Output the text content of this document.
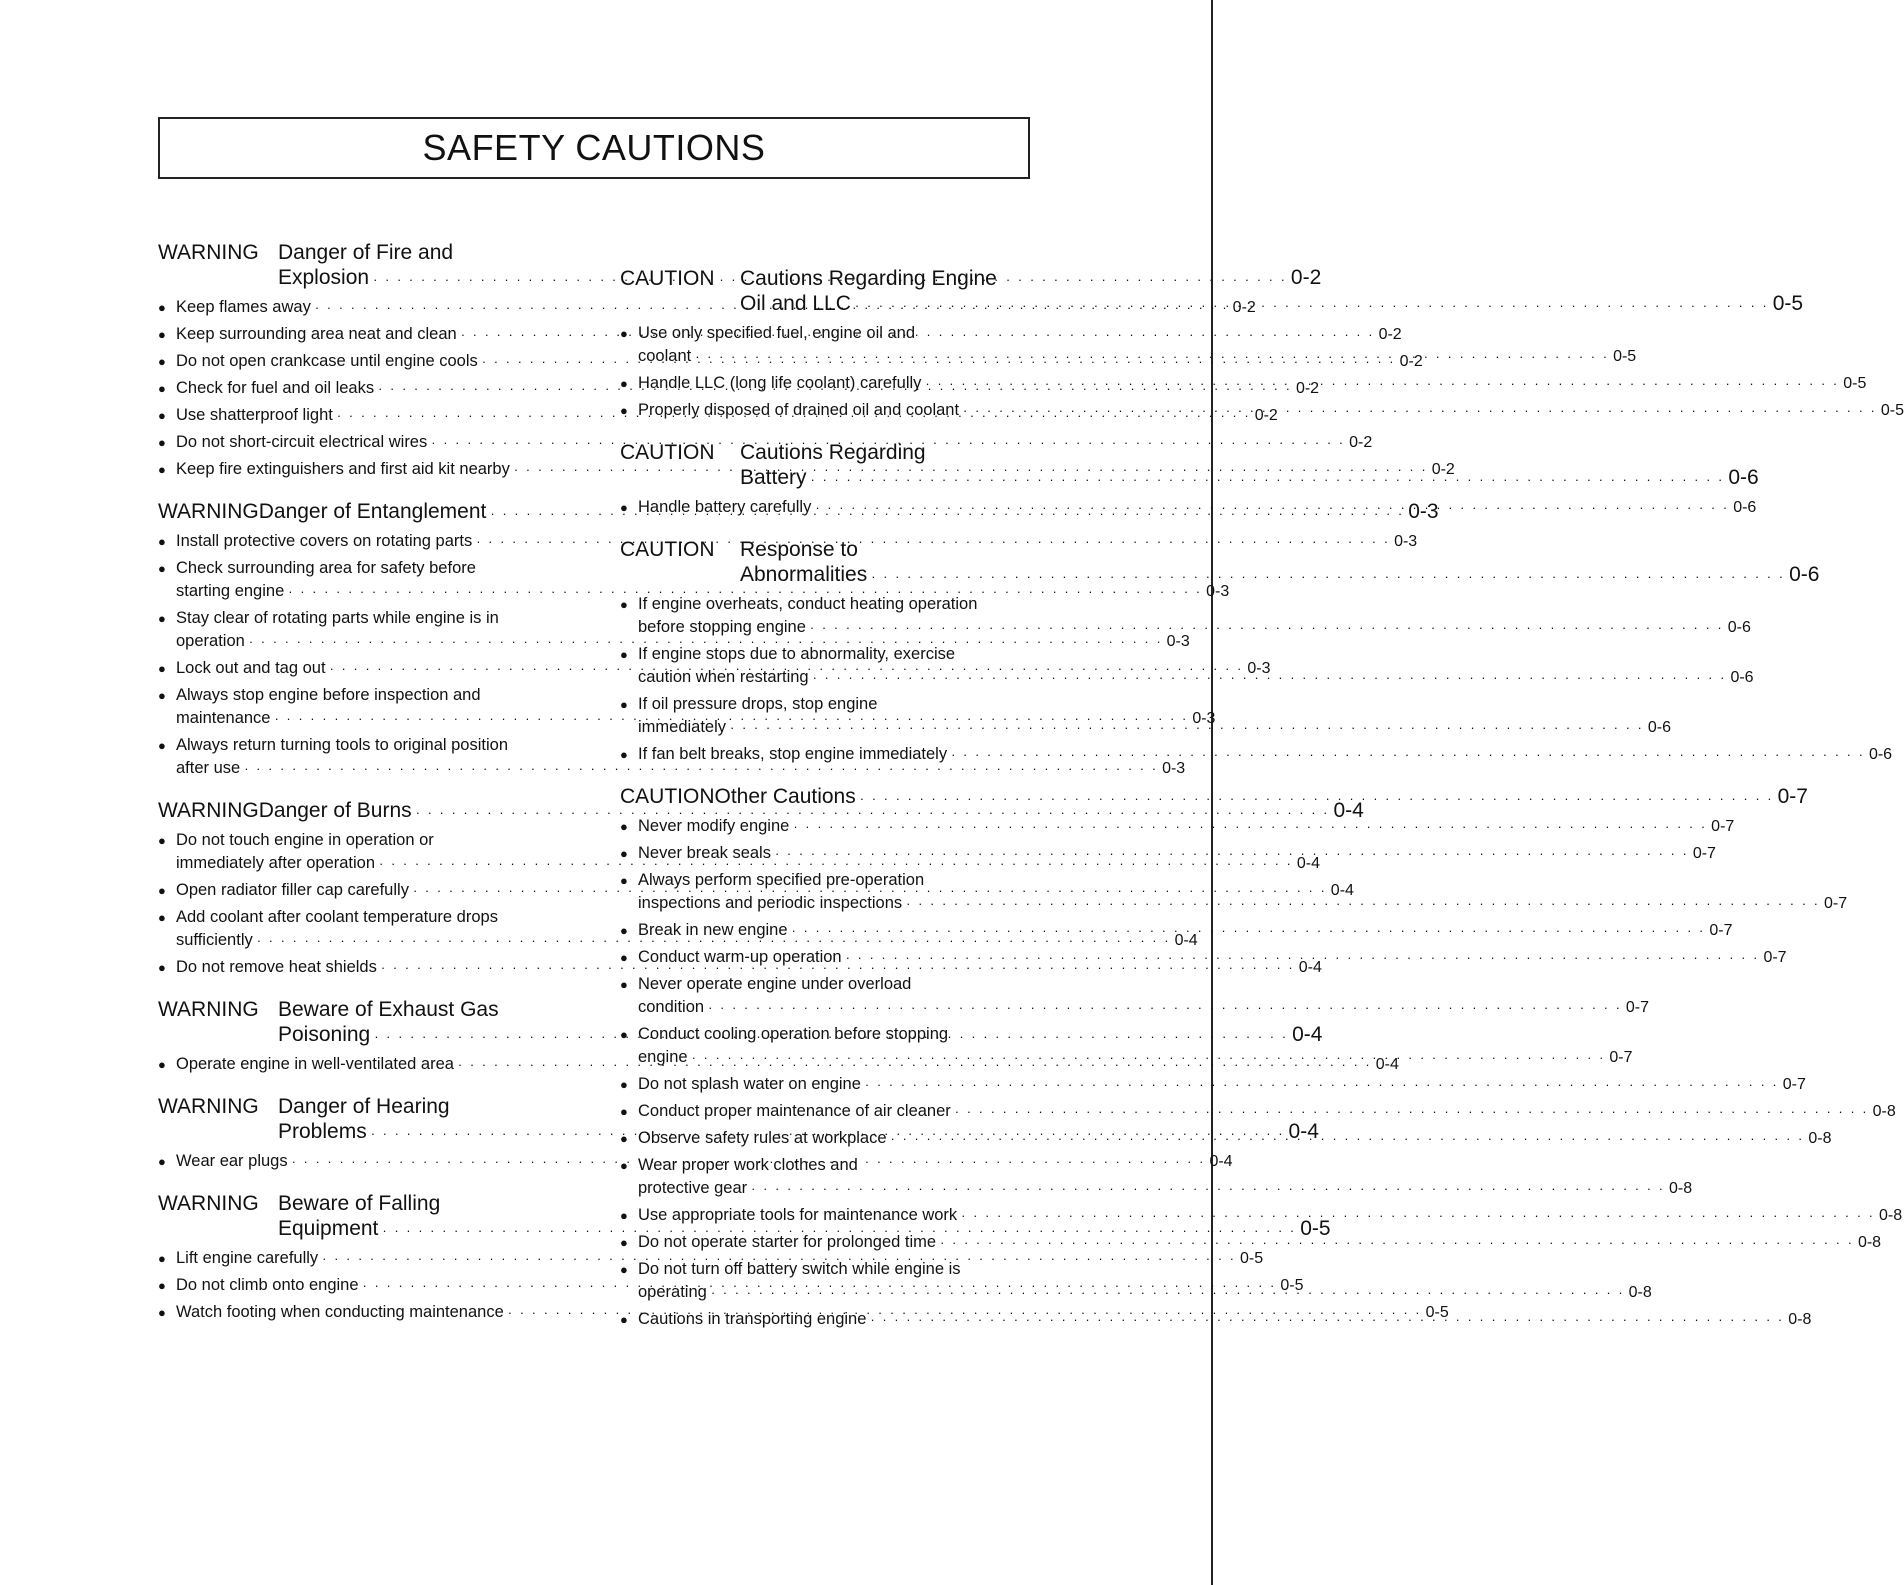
SAFETY CAUTIONS
WARNING Danger of Fire and
Explosion · · ·	0-2
● Keep flames away · · ·	0-2
● Keep surrounding area neat and clean · · ·	0-2
● Do not open crankcase until engine cools · · ·	0-2
● Check for fuel and oil leaks · · ·	0-2
● Use shatterproof light · · ·	0-2
● Do not short-circuit electrical wires · · ·	0-2
● Keep fire extinguishers and first aid kit nearby · · ·	0-2
WARNING Danger of Entanglement · · ·	0-3
● Install protective covers on rotating parts · · ·	0-3
● Check surrounding area for safety before
starting engine · · ·	0-3
● Stay clear of rotating parts while engine is in
operation · · ·	0-3
● Lock out and tag out · · ·	0-3
● Always stop engine before inspection and
maintenance · · ·	0-3
● Always return turning tools to original position
after use · · ·	0-3
WARNING Danger of Burns · · ·	0-4
● Do not touch engine in operation or
immediately after operation · · ·	0-4
● Open radiator filler cap carefully · · ·	0-4
● Add coolant after coolant temperature drops
sufficiently · · ·	0-4
● Do not remove heat shields · · ·	0-4
WARNING Beware of Exhaust Gas
Poisoning · · ·	0-4
● Operate engine in well-ventilated area · · ·	0-4
WARNING Danger of Hearing
Problems · · ·	0-4
● Wear ear plugs · · ·	0-4
WARNING Beware of Falling
Equipment · · ·	0-5
● Lift engine carefully · · ·	0-5
● Do not climb onto engine · · ·	0-5
● Watch footing when conducting maintenance · · ·	0-5
CAUTION Cautions Regarding Engine
Oil and LLC · · ·	0-5
● Use only specified fuel, engine oil and
coolant · · ·	0-5
● Handle LLC (long life coolant) carefully · · ·	0-5
● Properly disposed of drained oil and coolant · · ·	0-5
CAUTION Cautions Regarding
Battery · · ·	0-6
● Handle battery carefully · · ·	0-6
CAUTION Response to
Abnormalities · · ·	0-6
● If engine overheats, conduct heating operation
before stopping engine · · ·	0-6
● If engine stops due to abnormality, exercise
caution when restarting · · ·	0-6
● If oil pressure drops, stop engine
immediately · · ·	0-6
● If fan belt breaks, stop engine immediately · · ·	0-6
CAUTION Other Cautions · · ·	0-7
● Never modify engine · · ·	0-7
● Never break seals · · ·	0-7
● Always perform specified pre-operation
inspections and periodic inspections · · ·	0-7
● Break in new engine · · ·	0-7
● Conduct warm-up operation · · ·	0-7
● Never operate engine under overload
condition · · ·	0-7
● Conduct cooling operation before stopping
engine · · ·	0-7
● Do not splash water on engine · · ·	0-7
● Conduct proper maintenance of air cleaner · · ·	0-8
● Observe safety rules at workplace · · ·	0-8
● Wear proper work clothes and
protective gear · · ·	0-8
● Use appropriate tools for maintenance work · · ·	0-8
● Do not operate starter for prolonged time · · ·	0-8
● Do not turn off battery switch while engine is
operating · · ·	0-8
● Cautions in transporting engine · · ·	0-8
